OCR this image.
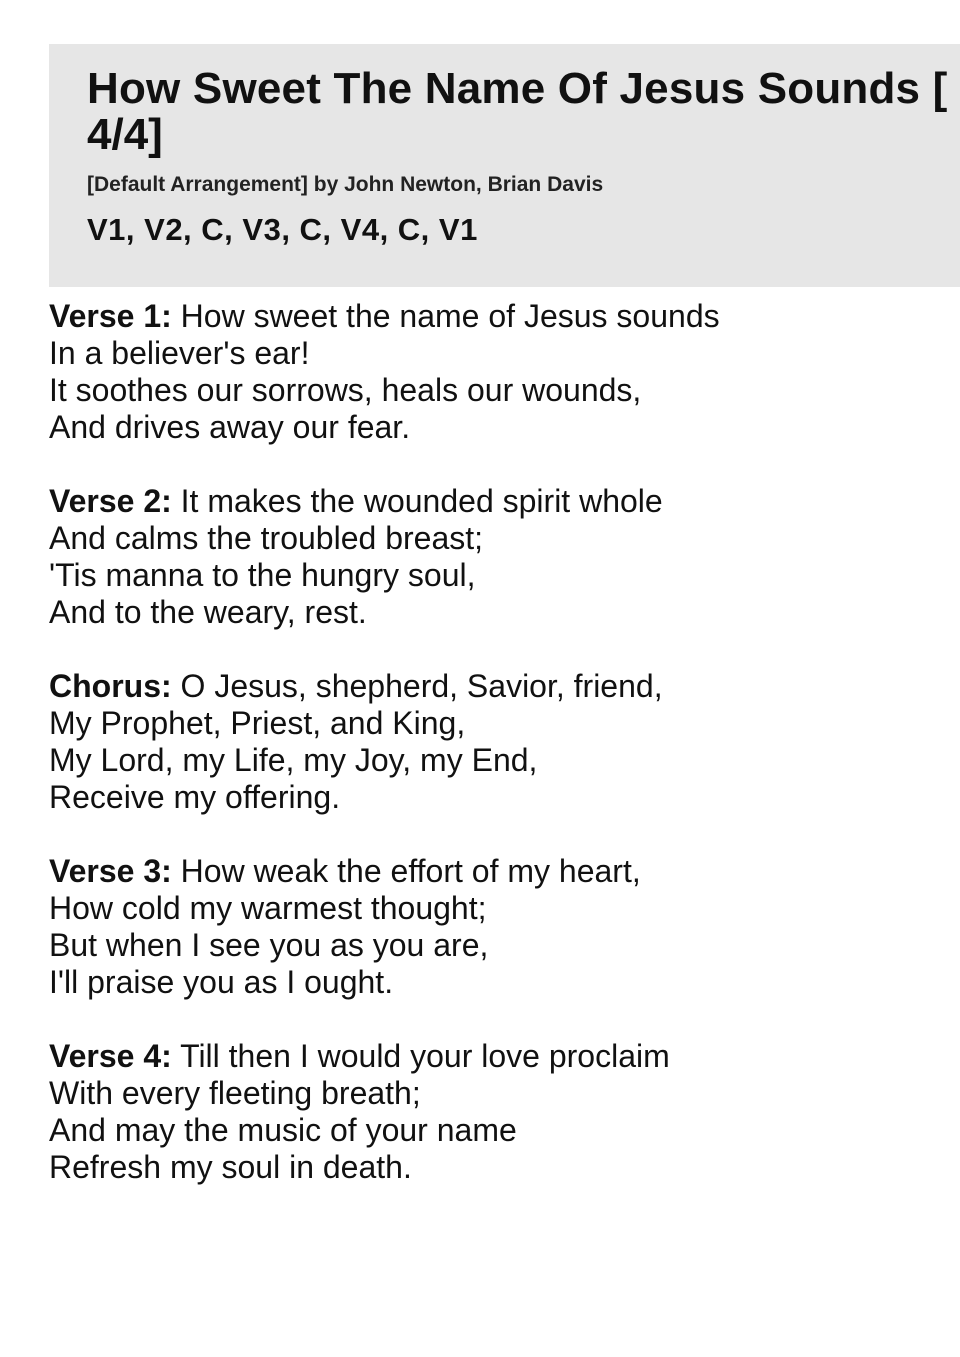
How Sweet The Name Of Jesus Sounds [
4/4]
[Default Arrangement] by John Newton, Brian Davis
V1, V2, C, V3, C, V4, C, V1
Verse 1: How sweet the name of Jesus sounds
In a believer's ear!
It soothes our sorrows, heals our wounds,
And drives away our fear.
Verse 2: It makes the wounded spirit whole
And calms the troubled breast;
'Tis manna to the hungry soul,
And to the weary, rest.
Chorus: O Jesus, shepherd, Savior, friend,
My Prophet, Priest, and King,
My Lord, my Life, my Joy, my End,
Receive my offering.
Verse 3: How weak the effort of my heart,
How cold my warmest thought;
But when I see you as you are,
I'll praise you as I ought.
Verse 4: Till then I would your love proclaim
With every fleeting breath;
And may the music of your name
Refresh my soul in death.
